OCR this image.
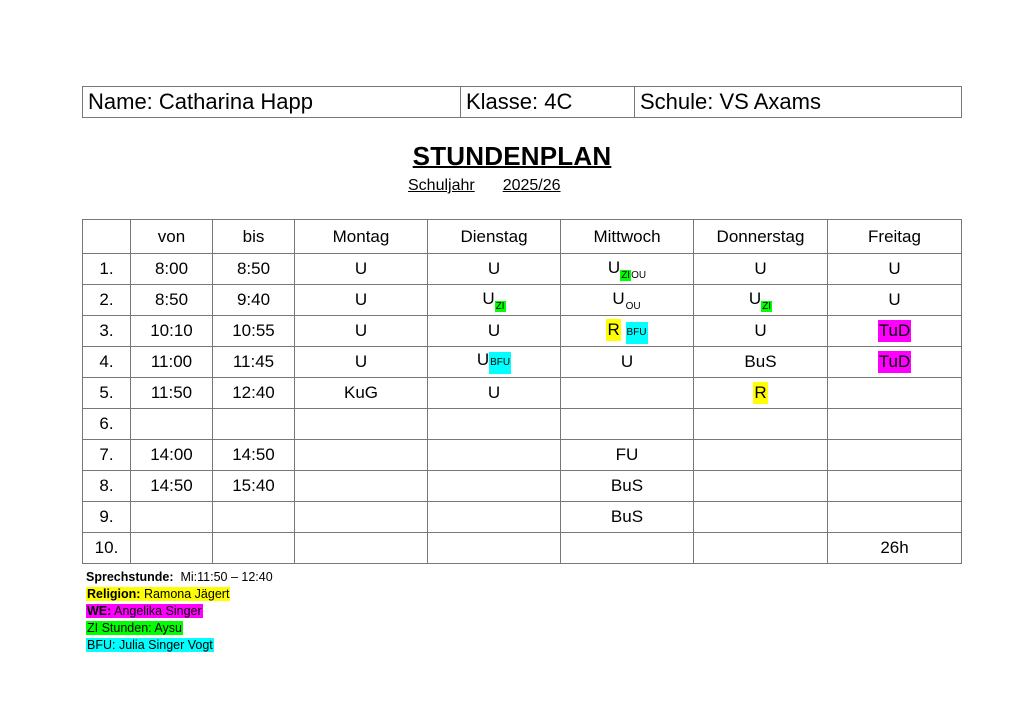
Name: Catharina Happ	Klasse: 4C	Schule: VS Axams
STUNDENPLAN
Schuljahr 2025/26
	von	bis	Montag	Dienstag	Mittwoch	Donnerstag	Freitag
1.	8:00	8:50	U	U	$U_{ZIOU}$	U	U
2.	8:50	9:40	U	$U_{ZI}$	$U_{OU}$	$U_{ZI}$	U
3.	10:10	10:55	U	U	R BFU	U	TuD
4.	11:00	11:45	U	UBFU	U	BuS	TuD
5.	11:50	12:40	KuG	U		R	
6.							
7.	14:00	14:50			FU		
8.	14:50	15:40			BuS		
9.					BuS		
10.							26h
Sprechstunde: Mi:11:50 – 12:40
Religion: Ramona Jägert
WE: Angelika Singer
ZI Stunden: Aysu
BFU: Julia Singer Vogt
